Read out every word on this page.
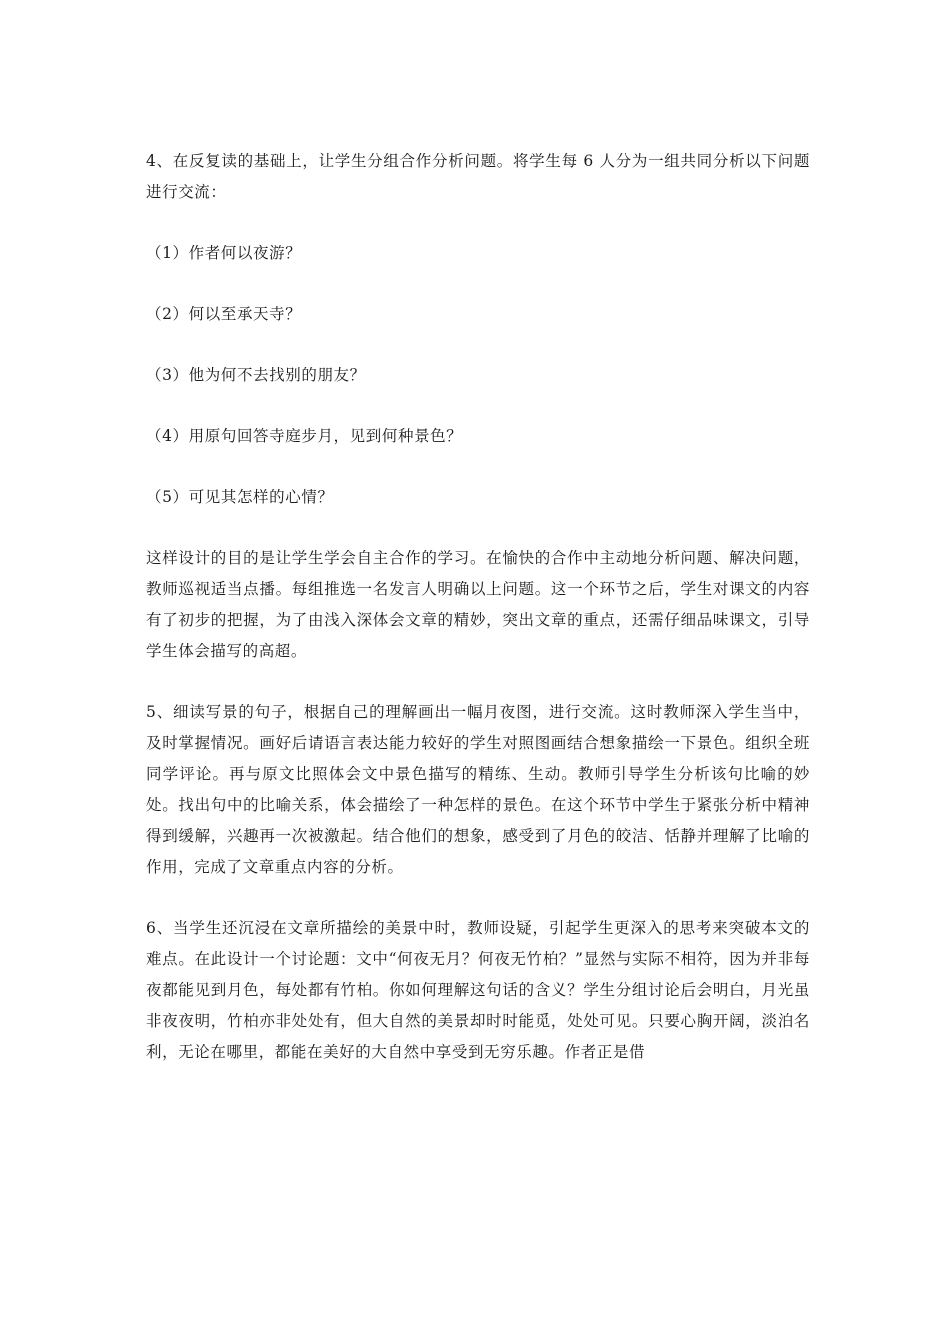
4、在反复读的基础上，让学生分组合作分析问题。将学生每 6 人分为一组共同分析以下问题进行交流：

（1）作者何以夜游？

（2）何以至承天寺？

（3）他为何不去找别的朋友？

（4）用原句回答寺庭步月，见到何种景色？

（5）可见其怎样的心情？

这样设计的目的是让学生学会自主合作的学习。在愉快的合作中主动地分析问题、解决问题，教师巡视适当点播。每组推选一名发言人明确以上问题。这一个环节之后，学生对课文的内容有了初步的把握，为了由浅入深体会文章的精妙，突出文章的重点，还需仔细品味课文，引导学生体会描写的高超。

5、细读写景的句子，根据自己的理解画出一幅月夜图，进行交流。这时教师深入学生当中，及时掌握情况。画好后请语言表达能力较好的学生对照图画结合想象描绘一下景色。组织全班同学评论。再与原文比照体会文中景色描写的精练、生动。教师引导学生分析该句比喻的妙处。找出句中的比喻关系，体会描绘了一种怎样的景色。在这个环节中学生于紧张分析中精神得到缓解，兴趣再一次被激起。结合他们的想象，感受到了月色的皎洁、恬静并理解了比喻的作用，完成了文章重点内容的分析。

6、当学生还沉浸在文章所描绘的美景中时，教师设疑，引起学生更深入的思考来突破本文的难点。在此设计一个讨论题：文中“何夜无月？何夜无竹柏？”显然与实际不相符，因为并非每夜都能见到月色，每处都有竹柏。你如何理解这句话的含义？学生分组讨论后会明白，月光虽非夜夜明，竹柏亦非处处有，但大自然的美景却时时能觅，处处可见。只要心胸开阔，淡泊名利，无论在哪里，都能在美好的大自然中享受到无穷乐趣。作者正是借
